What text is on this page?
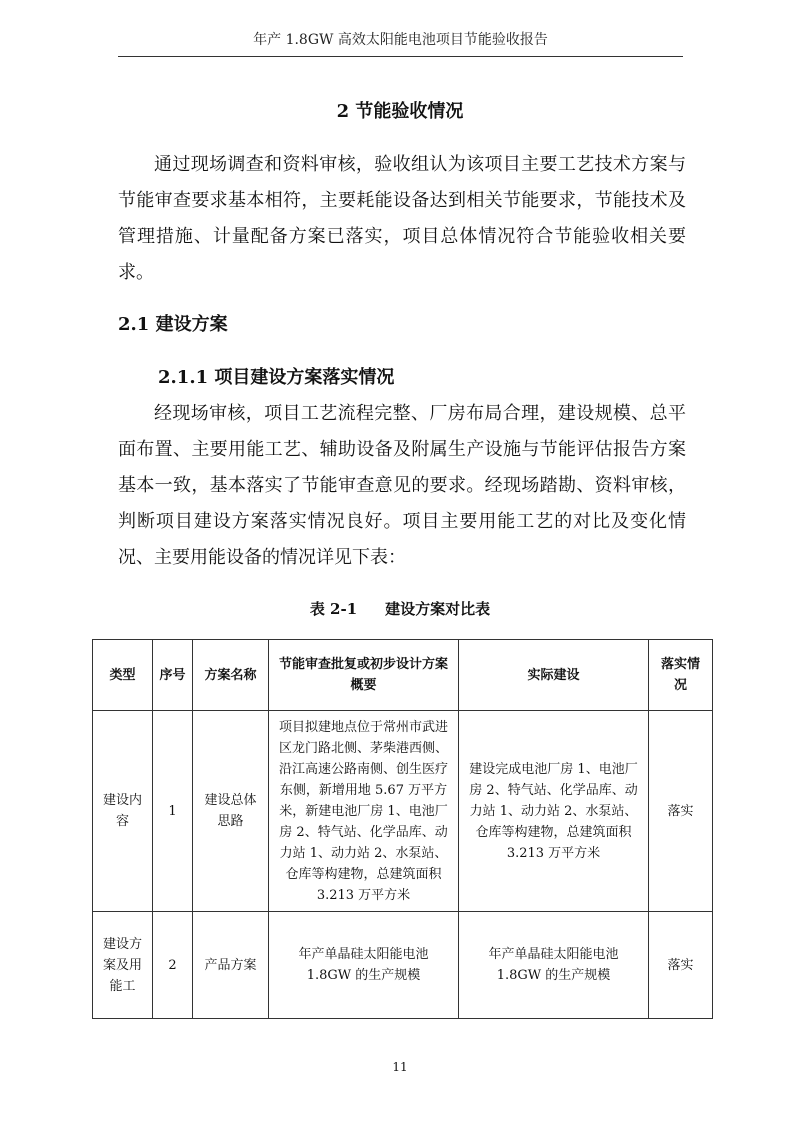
年产 1.8GW 高效太阳能电池项目节能验收报告
2 节能验收情况

通过现场调查和资料审核，验收组认为该项目主要工艺技术方案与节能审查要求基本相符，主要耗能设备达到相关节能要求，节能技术及管理措施、计量配备方案已落实，项目总体情况符合节能验收相关要求。

2.1 建设方案
2.1.1 项目建设方案落实情况

经现场审核，项目工艺流程完整、厂房布局合理，建设规模、总平面布置、主要用能工艺、辅助设备及附属生产设施与节能评估报告方案基本一致，基本落实了节能审查意见的要求。经现场踏勘、资料审核，判断项目建设方案落实情况良好。项目主要用能工艺的对比及变化情况、主要用能设备的情况详见下表：

表 2-1 建设方案对比表
类型	序号	方案名称	节能审查批复或初步设计方案概要	实际建设	落实情况
建设内容	1	建设总体思路	项目拟建地点位于常州市武进区龙门路北侧、茅柴港西侧、沿江高速公路南侧、创生医疗东侧，新增用地 5.67 万平方米，新建电池厂房 1、电池厂房 2、特气站、化学品库、动力站 1、动力站 2、水泵站、仓库等构建物，总建筑面积 3.213 万平方米	建设完成电池厂房 1、电池厂房 2、特气站、化学品库、动力站 1、动力站 2、水泵站、仓库等构建物，总建筑面积 3.213 万平方米	落实
建设方案及用能工	2	产品方案	年产单晶硅太阳能电池 1.8GW 的生产规模	年产单晶硅太阳能电池 1.8GW 的生产规模	落实
11
